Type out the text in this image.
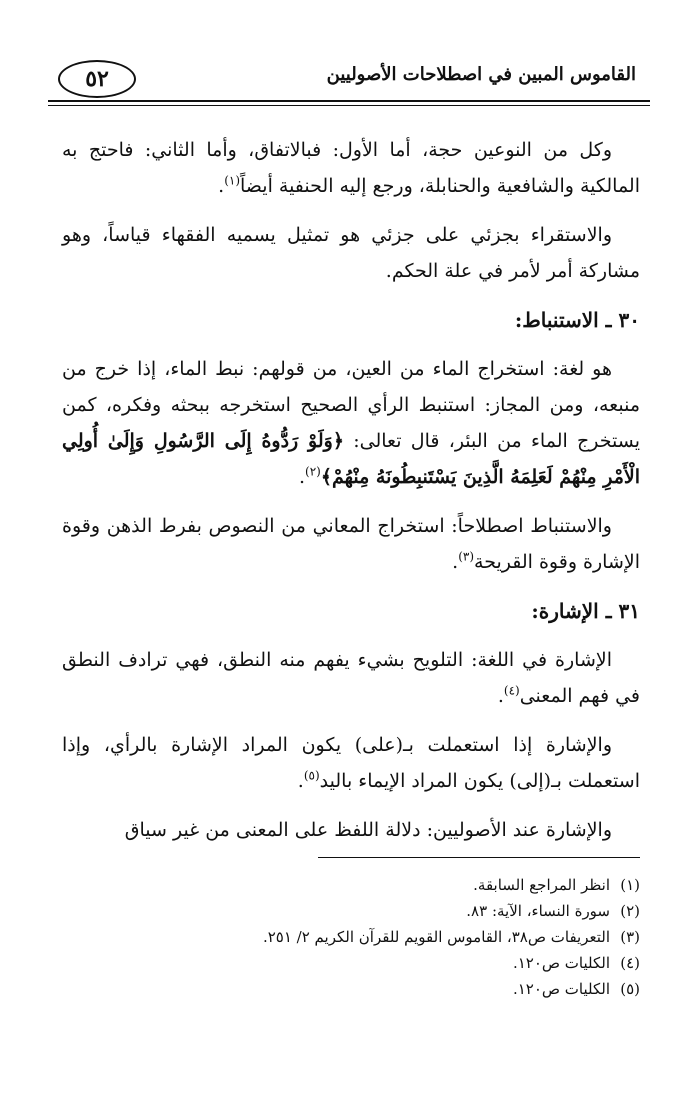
٥٢	القاموس المبين في اصطلاحات الأصوليين

وكل من النوعين حجة، أما الأول: فبالاتفاق، وأما الثاني: فاحتج به المالكية والشافعية والحنابلة، ورجع إليه الحنفية أيضاً$^{(١)}$.

والاستقراء بجزئي على جزئي هو تمثيل يسميه الفقهاء قياساً، وهو مشاركة أمر لأمر في علة الحكم.

٣٠ ـ الاستنباط:

هو لغة: استخراج الماء من العين، من قولهم: نبط الماء، إذا خرج من منبعه، ومن المجاز: استنبط الرأي الصحيح استخرجه ببحثه وفكره، كمن يستخرج الماء من البئر، قال تعالى: ﴿وَلَوْ رَدُّوهُ إِلَى الرَّسُولِ وَإِلَىٰ أُولِي الْأَمْرِ مِنْهُمْ لَعَلِمَهُ الَّذِينَ يَسْتَنبِطُونَهُ مِنْهُمْ﴾$^{(٢)}$.

والاستنباط اصطلاحاً: استخراج المعاني من النصوص بفرط الذهن وقوة الإشارة وقوة القريحة$^{(٣)}$.

٣١ ـ الإشارة:

الإشارة في اللغة: التلويح بشيء يفهم منه النطق، فهي ترادف النطق في فهم المعنى$^{(٤)}$.

والإشارة إذا استعملت بـ(على) يكون المراد الإشارة بالرأي، وإذا استعملت بـ(إلى) يكون المراد الإيماء باليد$^{(٥)}$.

والإشارة عند الأصوليين: دلالة اللفظ على المعنى من غير سياق

(١)انظر المراجع السابقة.

(٢)سورة النساء، الآية: ٨٣.

(٣)التعريفات ص٣٨، القاموس القويم للقرآن الكريم ٢/ ٢٥١.

(٤)الكليات ص١٢٠.

(٥)الكليات ص١٢٠.
